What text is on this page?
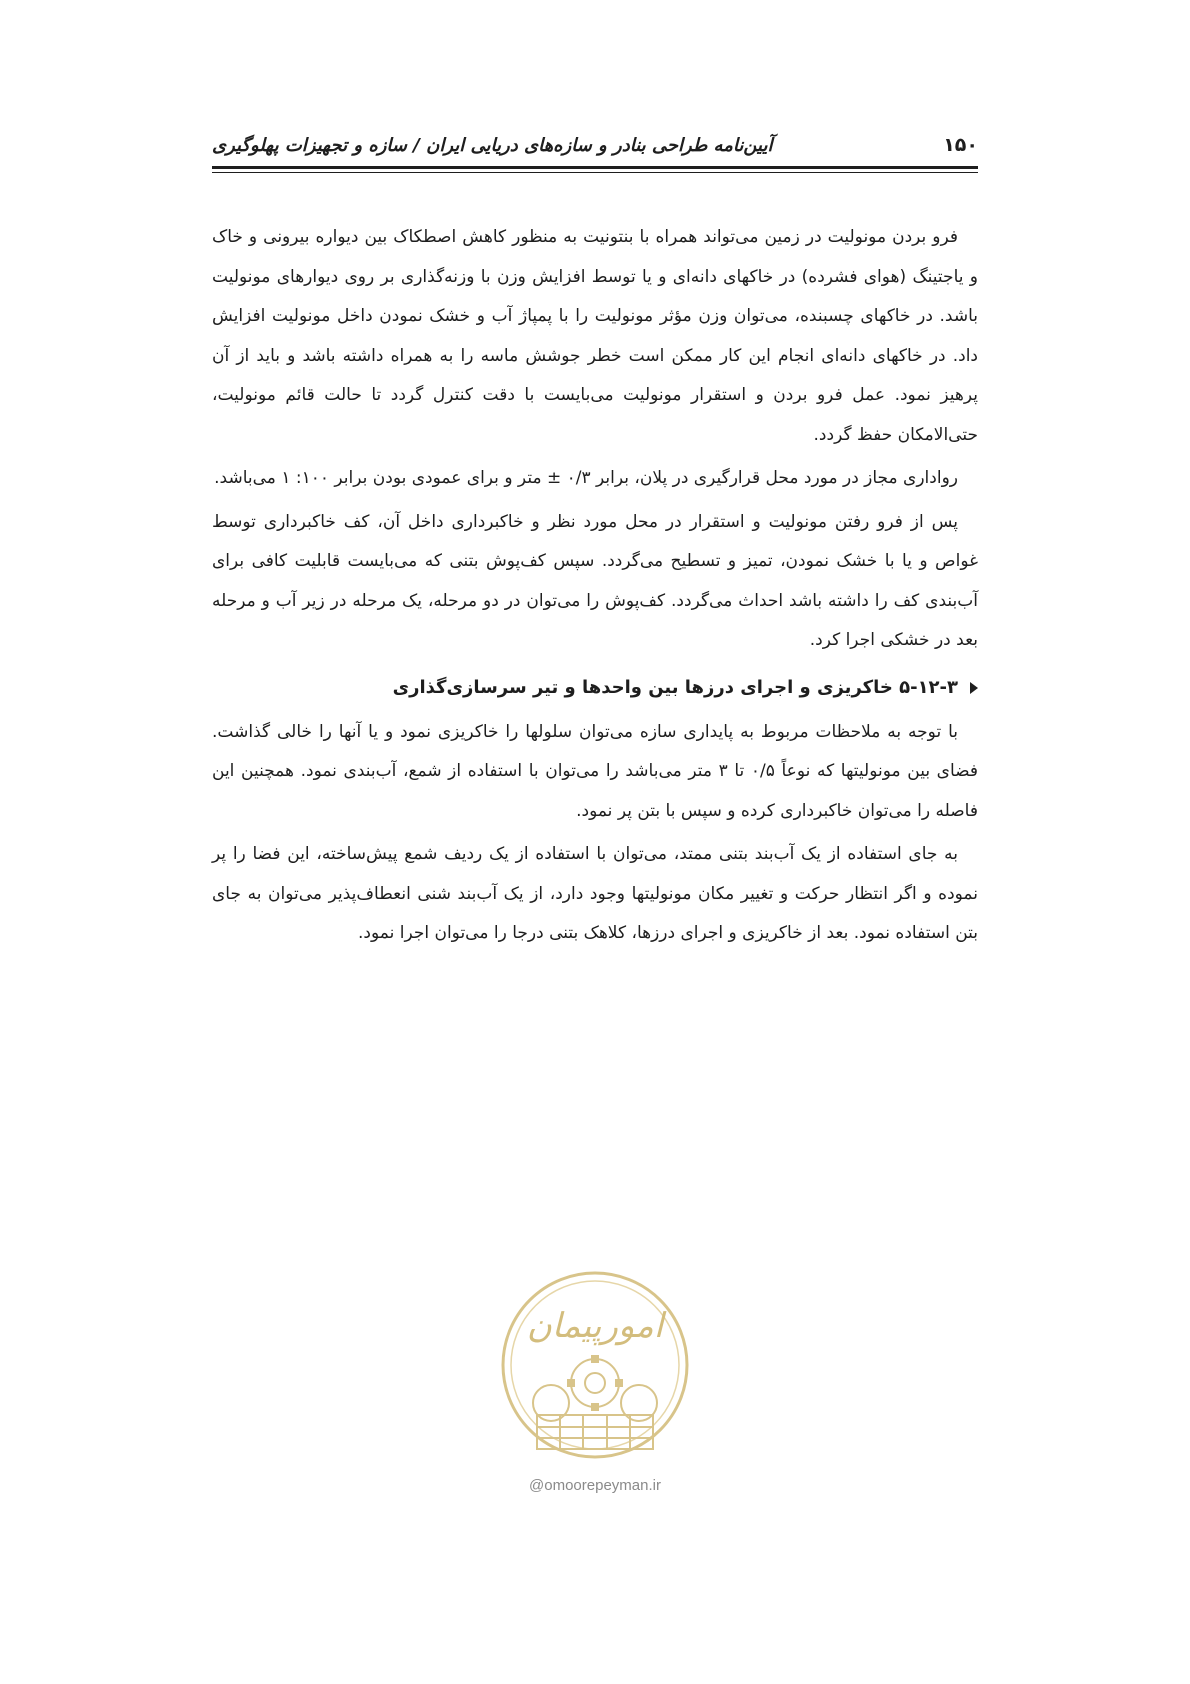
۱۵۰
آیین‌نامه طراحی بنادر و سازه‌های دریایی ایران / سازه و تجهیزات پهلوگیری

فرو بردن مونولیت در زمین می‌تواند همراه با بنتونیت به منظور کاهش اصطکاک بین دیواره بیرونی و خاک و یاجتینگ (هوای فشرده) در خاکهای دانه‌ای و یا توسط افزایش وزن با وزنه‌گذاری بر روی دیوارهای مونولیت باشد. در خاکهای چسبنده، می‌توان وزن مؤثر مونولیت را با پمپاژ آب و خشک نمودن داخل مونولیت افزایش داد. در خاکهای دانه‌ای انجام این کار ممکن است خطر جوشش ماسه را به همراه داشته باشد و باید از آن پرهیز نمود. عمل فرو بردن و استقرار مونولیت می‌بایست با دقت کنترل گردد تا حالت قائم مونولیت، حتی‌الامکان حفظ گردد.

رواداری مجاز در مورد محل قرارگیری در پلان، برابر ۰/۳ ± متر و برای عمودی بودن برابر ۱۰۰: ۱ می‌باشد.

پس از فرو رفتن مونولیت و استقرار در محل مورد نظر و خاکبرداری داخل آن، کف خاکبرداری توسط غواص و یا با خشک نمودن، تمیز و تسطیح می‌گردد. سپس کف‌پوش بتنی که می‌بایست قابلیت کافی برای آب‌بندی کف را داشته باشد احداث می‌گردد. کف‌پوش را می‌توان در دو مرحله، یک مرحله در زیر آب و مرحله بعد در خشکی اجرا کرد.

۵-۱۲-۳ خاکریزی و اجرای درزها بین واحدها و تیر سرسازی‌گذاری

با توجه به ملاحظات مربوط به پایداری سازه می‌توان سلولها را خاکریزی نمود و یا آنها را خالی گذاشت. فضای بین مونولیتها که نوعاً ۰/۵ تا ۳ متر می‌باشد را می‌توان با استفاده از شمع، آب‌بندی نمود. همچنین این فاصله را می‌توان خاکبرداری کرده و سپس با بتن پر نمود.

به جای استفاده از یک آب‌بند بتنی ممتد، می‌توان با استفاده از یک ردیف شمع پیش‌ساخته، این فضا را پر نموده و اگر انتظار حرکت و تغییر مکان مونولیتها وجود دارد، از یک آب‌بند شنی انعطاف‌پذیر می‌توان به جای بتن استفاده نمود. بعد از خاکریزی و اجرای درزها، کلاهک بتنی درجا را می‌توان اجرا نمود.

امورپیمان
@omoorepeyman.ir
